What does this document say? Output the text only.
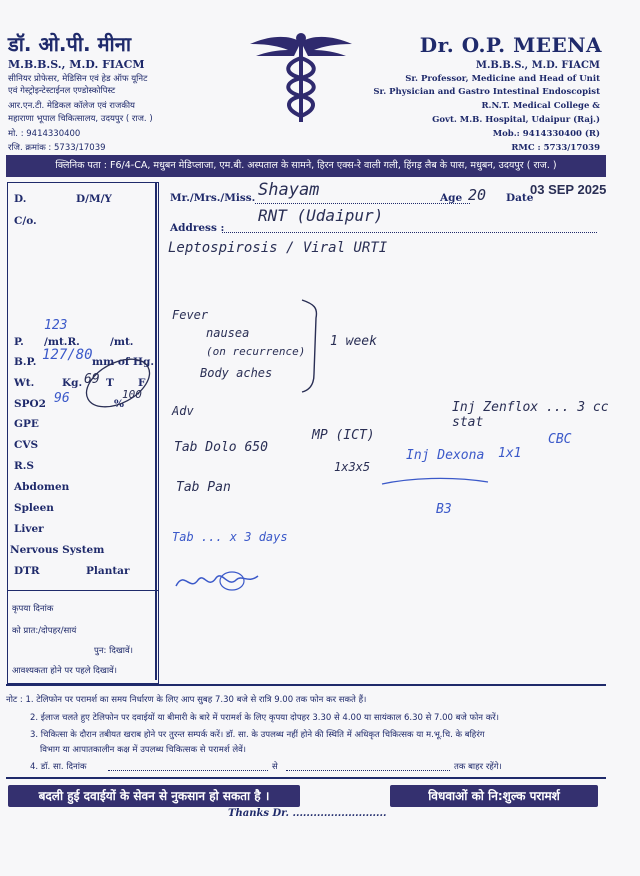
डॉ. ओ.पी. मीना
M.B.B.S., M.D. FIACM
सीनियर प्रोफेसर, मेडिसिन एवं हेड ऑफ यूनिट
एवं गेस्ट्रोइन्टेस्टाईनल एण्डोस्कोपिस्ट
आर.एन.टी. मेडिकल कॉलेज एवं राजकीय
महाराणा भूपाल चिकित्सालय, उदयपुर ( राज. )
मो. : 9414330400
रजि. क्रमांक : 5733/17039
Dr. O.P. MEENA
M.B.B.S., M.D. FIACM
Sr. Professor, Medicine and Head of Unit
Sr. Physician and Gastro Intestinal Endoscopist
R.N.T. Medical College &
Govt. M.B. Hospital, Udaipur (Raj.)
Mob.: 9414330400 (R)
RMC : 5733/17039
क्लिनिक पता : F6/4-CA, मधुबन मेडिप्लाजा, एम.बी. अस्पताल के सामने, हिरन एक्स-रे वाली गली, हिंगड़ लैब के पास, मधुबन, उदयपुर ( राज. )
Mr./Mrs./Miss. Shayam	Age 20 Date
03 SEP 2025
Address :
RNT (Udaipur)
D.	D/M/Y
C/o.
P.
123
/mt.R.	/mt.
B.P. 127/80 mm of Hg.
Wt.	Kg. 69 T F
SPO2 96	%
100
GPE
CVS
R.S
Abdomen
Spleen
Liver
Nervous System
DTR	Plantar
कृपया दिनांक
को प्रात:/दोपहर/सायं
पुन: दिखावें।
आवश्यकता होने पर पहले दिखावें।
Leptospirosis / Viral URTI
Fever
nausea
(on recurrence)
Body aches
1 week
Adv	Inj Zenflox ... 3 cc stat
Tab Dolo 650
MP (ICT)
1x3x5
Tab Pan
Inj Dexona 1x1
CBC
Tab ... x 3 days
B3
नोट : 1. टेलिफोन पर परामर्श का समय निर्धारण के लिए आप सुबह 7.30 बजे से रात्रि 9.00 तक फोन कर सकते हैं।
2. ईलाज चलते हुए टेलिफोन पर दवाईयों या बीमारी के बारे में परामर्श के लिए कृपया दोपहर 3.30 से 4.00 या सायंकाल 6.30 से 7.00 बजे फोन करें।
3. चिकित्सा के दौरान तबीयत खराब होने पर तुरन्त सम्पर्क करें। डॉ. सा. के उपलब्ध नहीं होने की स्थिति में अधिकृत चिकित्सक या म.भू.चि. के बहिरंग
विभाग या आपातकालीन कक्ष में उपलब्ध चिकित्सक से परामर्श लेवें।
4. डॉ. सा. दिनांक	से	तक बाहर रहेंगे।
बदली हुई दवाईयों के सेवन से नुकसान हो सकता है ।	विधवाओं को नि:शुल्क परामर्श
Thanks Dr. ...........................
